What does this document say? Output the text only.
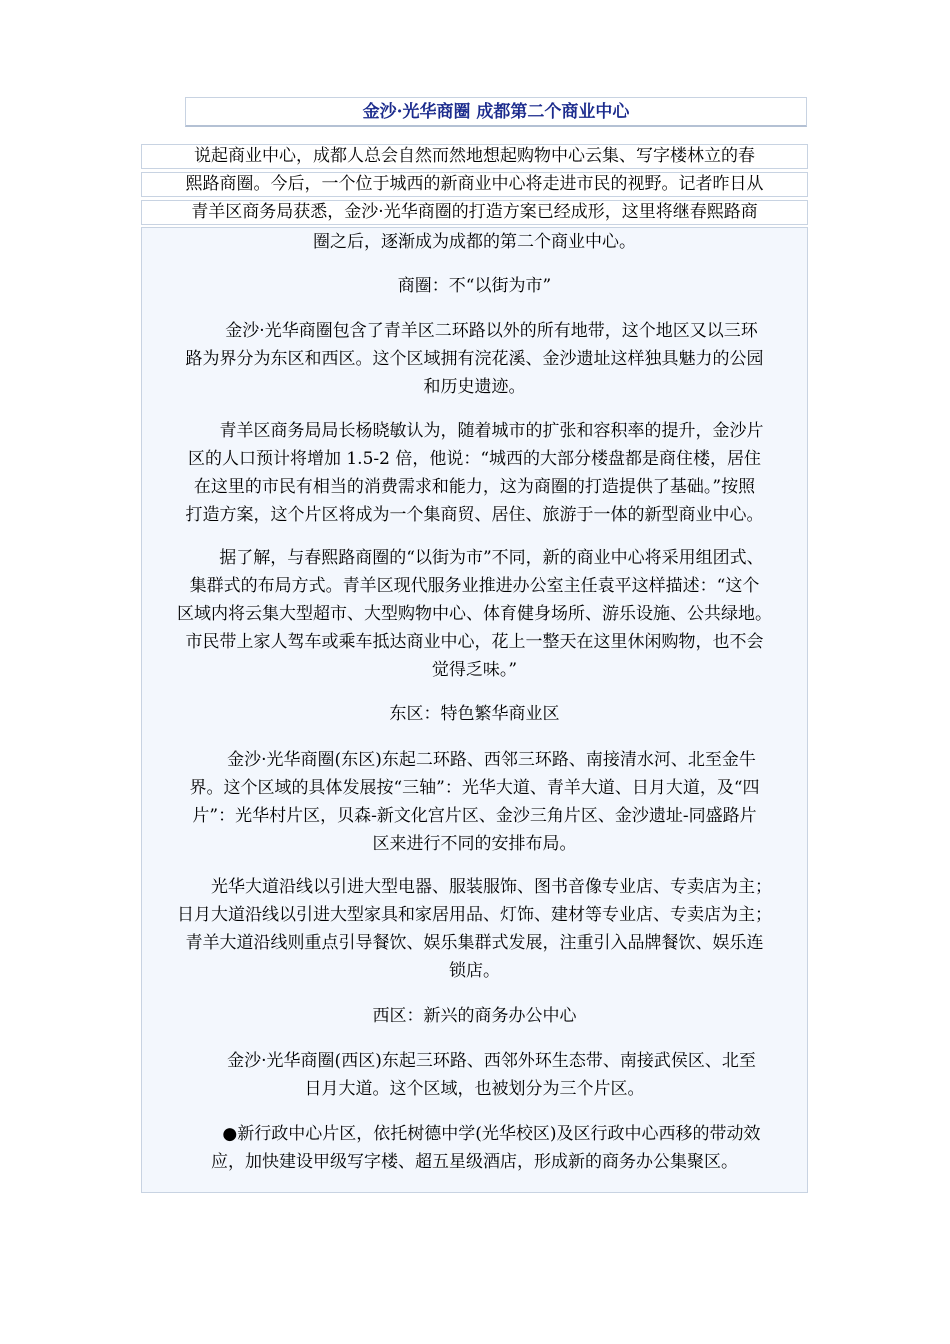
金沙·光华商圈 成都第二个商业中心
说起商业中心，成都人总会自然而然地想起购物中心云集、写字楼林立的春
熙路商圈。今后，一个位于城西的新商业中心将走进市民的视野。记者昨日从
青羊区商务局获悉，金沙·光华商圈的打造方案已经成形，这里将继春熙路商
圈之后，逐渐成为成都的第二个商业中心。
商圈：不“以街为市”
　　金沙·光华商圈包含了青羊区二环路以外的所有地带，这个地区又以三环
路为界分为东区和西区。这个区域拥有浣花溪、金沙遗址这样独具魅力的公园
和历史遗迹。
　　青羊区商务局局长杨晓敏认为，随着城市的扩张和容积率的提升，金沙片
区的人口预计将增加 1.5-2 倍，他说：“城西的大部分楼盘都是商住楼，居住
在这里的市民有相当的消费需求和能力，这为商圈的打造提供了基础。”按照
打造方案，这个片区将成为一个集商贸、居住、旅游于一体的新型商业中心。
　　据了解，与春熙路商圈的“以街为市”不同，新的商业中心将采用组团式、
集群式的布局方式。青羊区现代服务业推进办公室主任袁平这样描述：“这个
区域内将云集大型超市、大型购物中心、体育健身场所、游乐设施、公共绿地。
市民带上家人驾车或乘车抵达商业中心，花上一整天在这里休闲购物，也不会
觉得乏味。”
东区：特色繁华商业区
　　金沙·光华商圈(东区)东起二环路、西邻三环路、南接清水河、北至金牛
界。这个区域的具体发展按“三轴”：光华大道、青羊大道、日月大道，及“四
片”：光华村片区，贝森-新文化宫片区、金沙三角片区、金沙遗址-同盛路片
区来进行不同的安排布局。
　　光华大道沿线以引进大型电器、服装服饰、图书音像专业店、专卖店为主；
日月大道沿线以引进大型家具和家居用品、灯饰、建材等专业店、专卖店为主；
青羊大道沿线则重点引导餐饮、娱乐集群式发展，注重引入品牌餐饮、娱乐连
锁店。
西区：新兴的商务办公中心
　　金沙·光华商圈(西区)东起三环路、西邻外环生态带、南接武侯区、北至
日月大道。这个区域，也被划分为三个片区。
　　●新行政中心片区，依托树德中学(光华校区)及区行政中心西移的带动效
应，加快建设甲级写字楼、超五星级酒店，形成新的商务办公集聚区。
